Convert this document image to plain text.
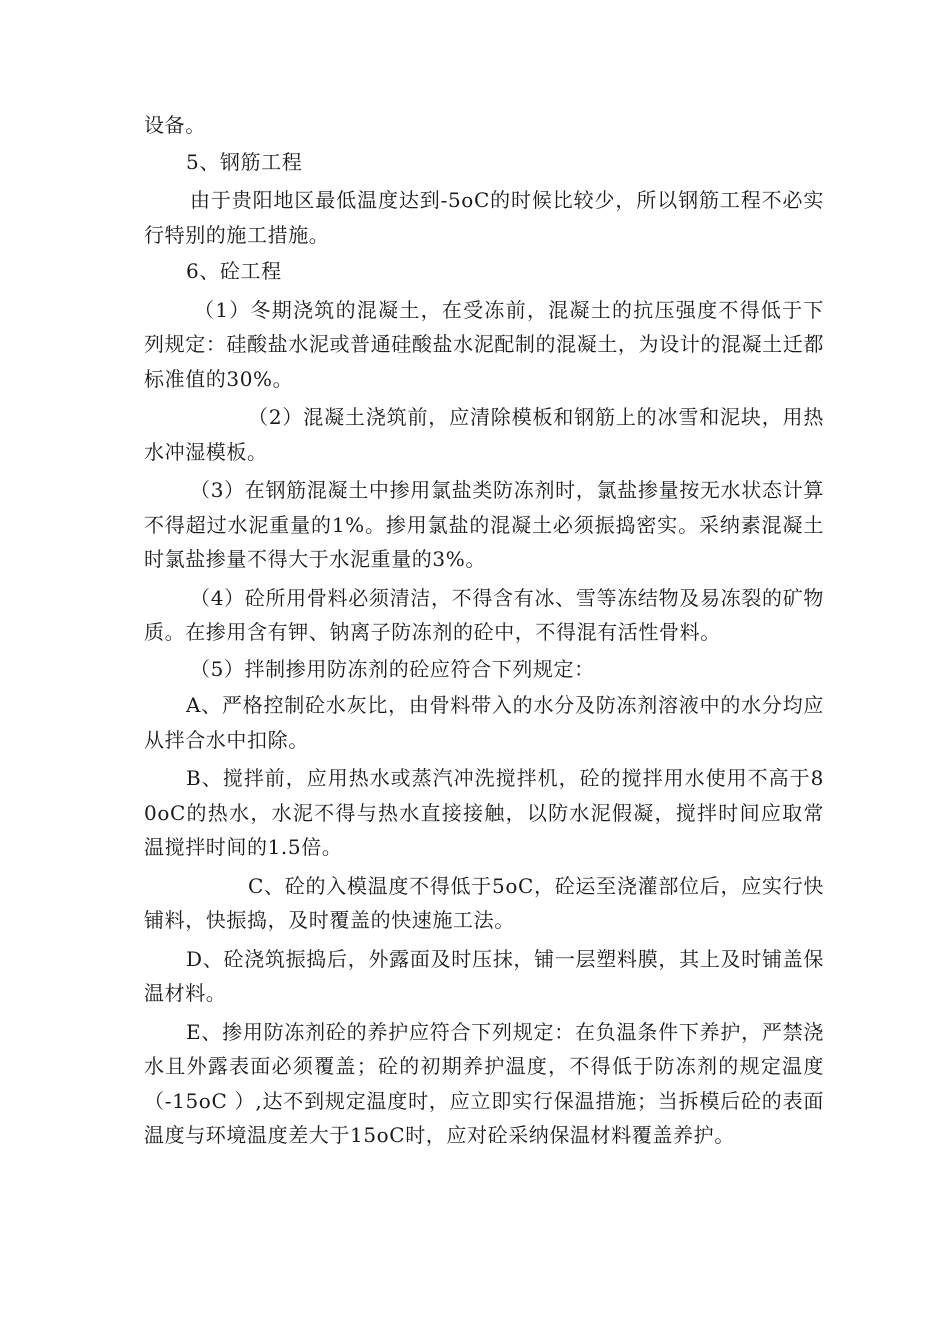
设备。

5、钢筋工程

由于贵阳地区最低温度达到-5oC的时候比较少，所以钢筋工程不必实行特别的施工措施。

6、砼工程

（1）冬期浇筑的混凝土，在受冻前，混凝土的抗压强度不得低于下列规定：硅酸盐水泥或普通硅酸盐水泥配制的混凝土，为设计的混凝土迁都标准值的30%。

（2）混凝土浇筑前，应清除模板和钢筋上的冰雪和泥块，用热水冲湿模板。

（3）在钢筋混凝土中掺用氯盐类防冻剂时，氯盐掺量按无水状态计算不得超过水泥重量的1%。掺用氯盐的混凝土必须振捣密实。采纳素混凝土时氯盐掺量不得大于水泥重量的3%。

（4）砼所用骨料必须清洁，不得含有冰、雪等冻结物及易冻裂的矿物质。在掺用含有钾、钠离子防冻剂的砼中，不得混有活性骨料。

（5）拌制掺用防冻剂的砼应符合下列规定：

A、严格控制砼水灰比，由骨料带入的水分及防冻剂溶液中的水分均应从拌合水中扣除。

B、搅拌前，应用热水或蒸汽冲洗搅拌机，砼的搅拌用水使用不高于80oC的热水，水泥不得与热水直接接触，以防水泥假凝，搅拌时间应取常温搅拌时间的1.5倍。

C、砼的入模温度不得低于5oC，砼运至浇灌部位后，应实行快铺料，快振捣，及时覆盖的快速施工法。

D、砼浇筑振捣后，外露面及时压抹，铺一层塑料膜，其上及时铺盖保温材料。

E、掺用防冻剂砼的养护应符合下列规定：在负温条件下养护，严禁浇水且外露表面必须覆盖；砼的初期养护温度，不得低于防冻剂的规定温度（-15oC ）,达不到规定温度时，应立即实行保温措施；当拆模后砼的表面温度与环境温度差大于15oC时，应对砼采纳保温材料覆盖养护。
